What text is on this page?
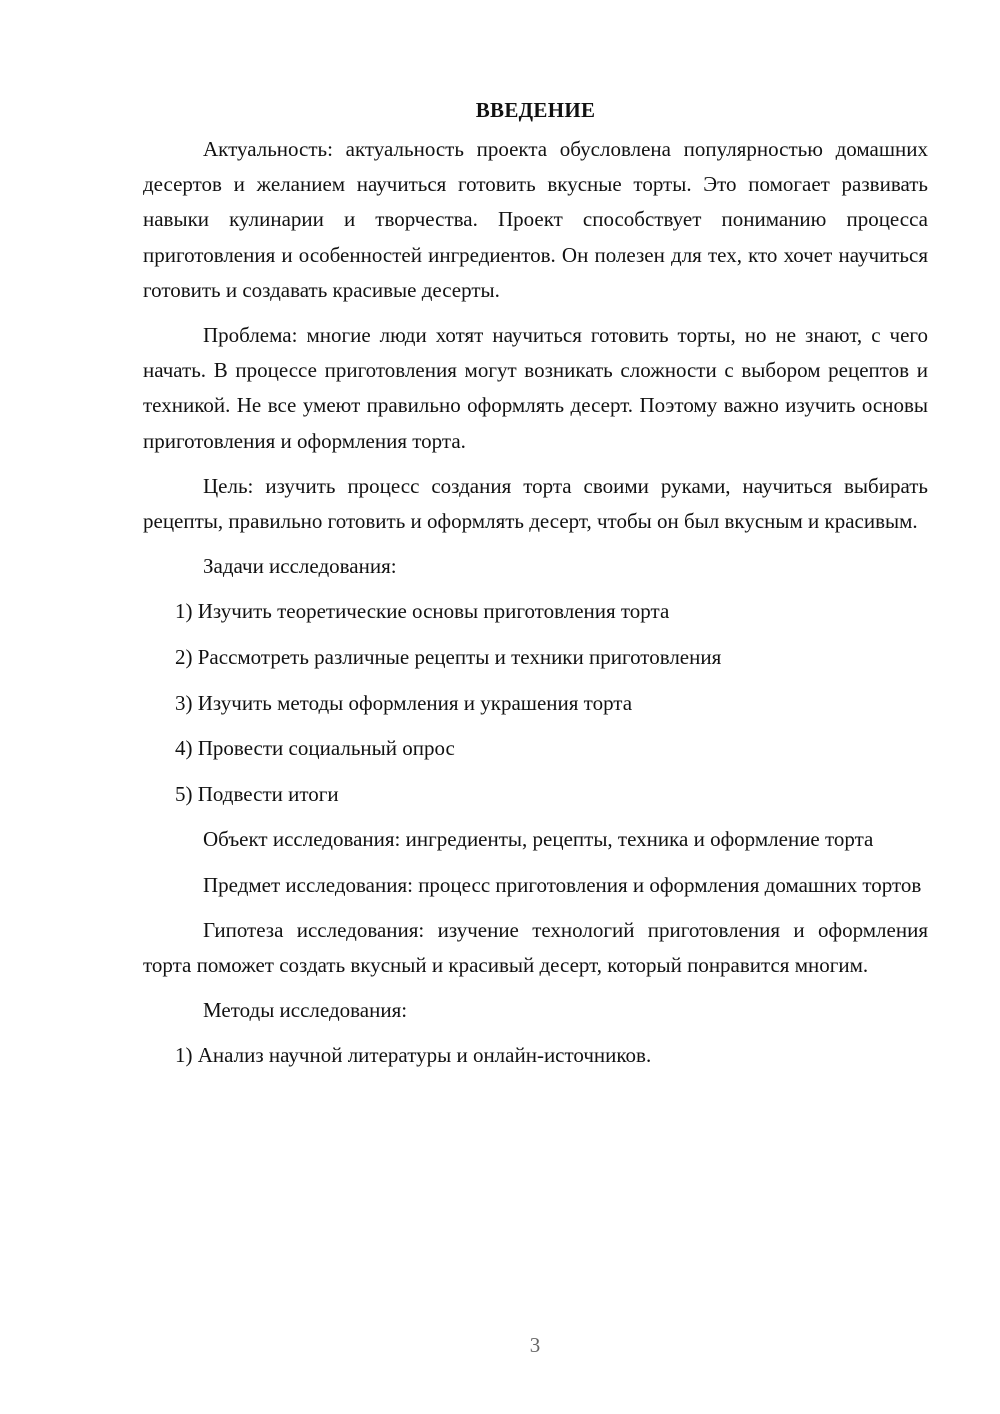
ВВЕДЕНИЕ

Актуальность: актуальность проекта обусловлена популярностью домашних десертов и желанием научиться готовить вкусные торты. Это помогает развивать навыки кулинарии и творчества. Проект способствует пониманию процесса приготовления и особенностей ингредиентов. Он полезен для тех, кто хочет научиться готовить и создавать красивые десерты.

Проблема: многие люди хотят научиться готовить торты, но не знают, с чего начать. В процессе приготовления могут возникать сложности с выбором рецептов и техникой. Не все умеют правильно оформлять десерт. Поэтому важно изучить основы приготовления и оформления торта.

Цель: изучить процесс создания торта своими руками, научиться выбирать рецепты, правильно готовить и оформлять десерт, чтобы он был вкусным и красивым.

Задачи исследования:

1) Изучить теоретические основы приготовления торта
2) Рассмотреть различные рецепты и техники приготовления
3) Изучить методы оформления и украшения торта
4) Провести социальный опрос
5) Подвести итоги

Объект исследования: ингредиенты, рецепты, техника и оформление торта

Предмет исследования: процесс приготовления и оформления домашних тортов

Гипотеза исследования: изучение технологий приготовления и оформления торта поможет создать вкусный и красивый десерт, который понравится многим.

Методы исследования:

1) Анализ научной литературы и онлайн-источников.
3
